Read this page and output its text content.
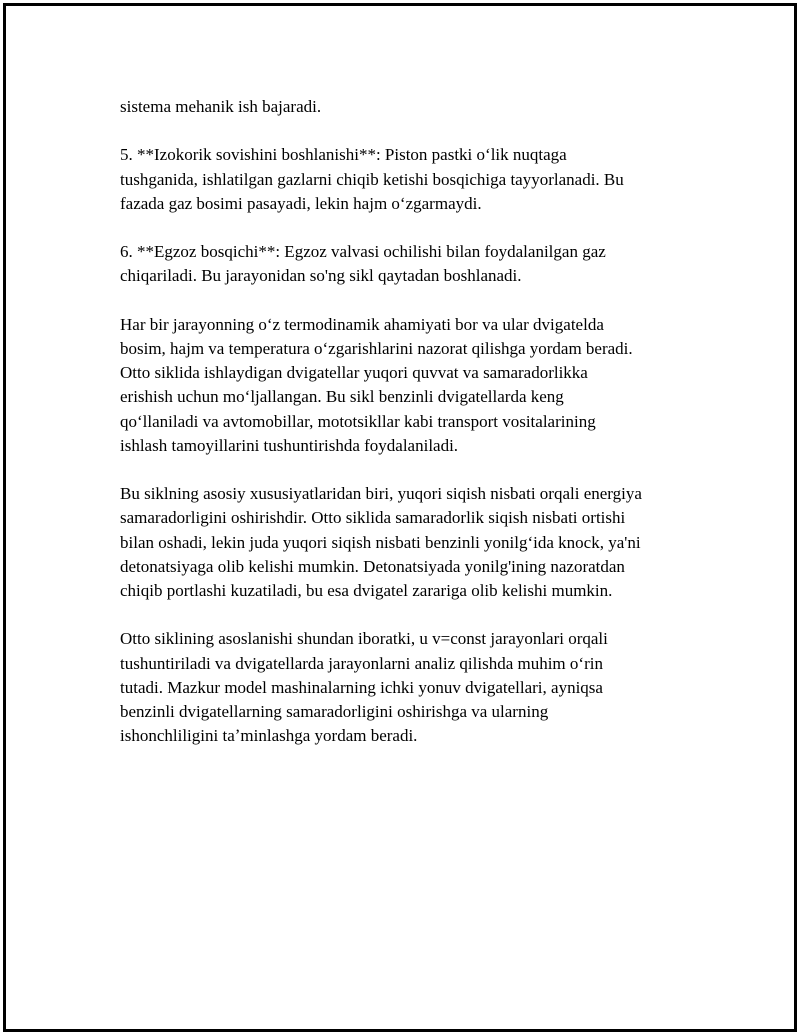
sistema mehanik ish bajaradi.

5. **Izokorik sovishini boshlanishi**: Piston pastki o‘lik nuqtaga
tushganida, ishlatilgan gazlarni chiqib ketishi bosqichiga tayyorlanadi. Bu
fazada gaz bosimi pasayadi, lekin hajm o‘zgarmaydi.

6. **Egzoz bosqichi**: Egzoz valvasi ochilishi bilan foydalanilgan gaz
chiqariladi. Bu jarayonidan so'ng sikl qaytadan boshlanadi.

Har bir jarayonning o‘z termodinamik ahamiyati bor va ular dvigatelda
bosim, hajm va temperatura o‘zgarishlarini nazorat qilishga yordam beradi.
Otto siklida ishlaydigan dvigatellar yuqori quvvat va samaradorlikka
erishish uchun mo‘ljallangan. Bu sikl benzinli dvigatellarda keng
qo‘llaniladi va avtomobillar, mototsikllar kabi transport vositalarining
ishlash tamoyillarini tushuntirishda foydalaniladi.

Bu siklning asosiy xususiyatlaridan biri, yuqori siqish nisbati orqali energiya
samaradorligini oshirishdir. Otto siklida samaradorlik siqish nisbati ortishi
bilan oshadi, lekin juda yuqori siqish nisbati benzinli yonilg‘ida knock, ya'ni
detonatsiyaga olib kelishi mumkin. Detonatsiyada yonilg'ining nazoratdan
chiqib portlashi kuzatiladi, bu esa dvigatel zarariga olib kelishi mumkin.

Otto siklining asoslanishi shundan iboratki, u v=const jarayonlari orqali
tushuntiriladi va dvigatellarda jarayonlarni analiz qilishda muhim o‘rin
tutadi. Mazkur model mashinalarning ichki yonuv dvigatellari, ayniqsa
benzinli dvigatellarning samaradorligini oshirishga va ularning
ishonchliligini taʼminlashga yordam beradi.
